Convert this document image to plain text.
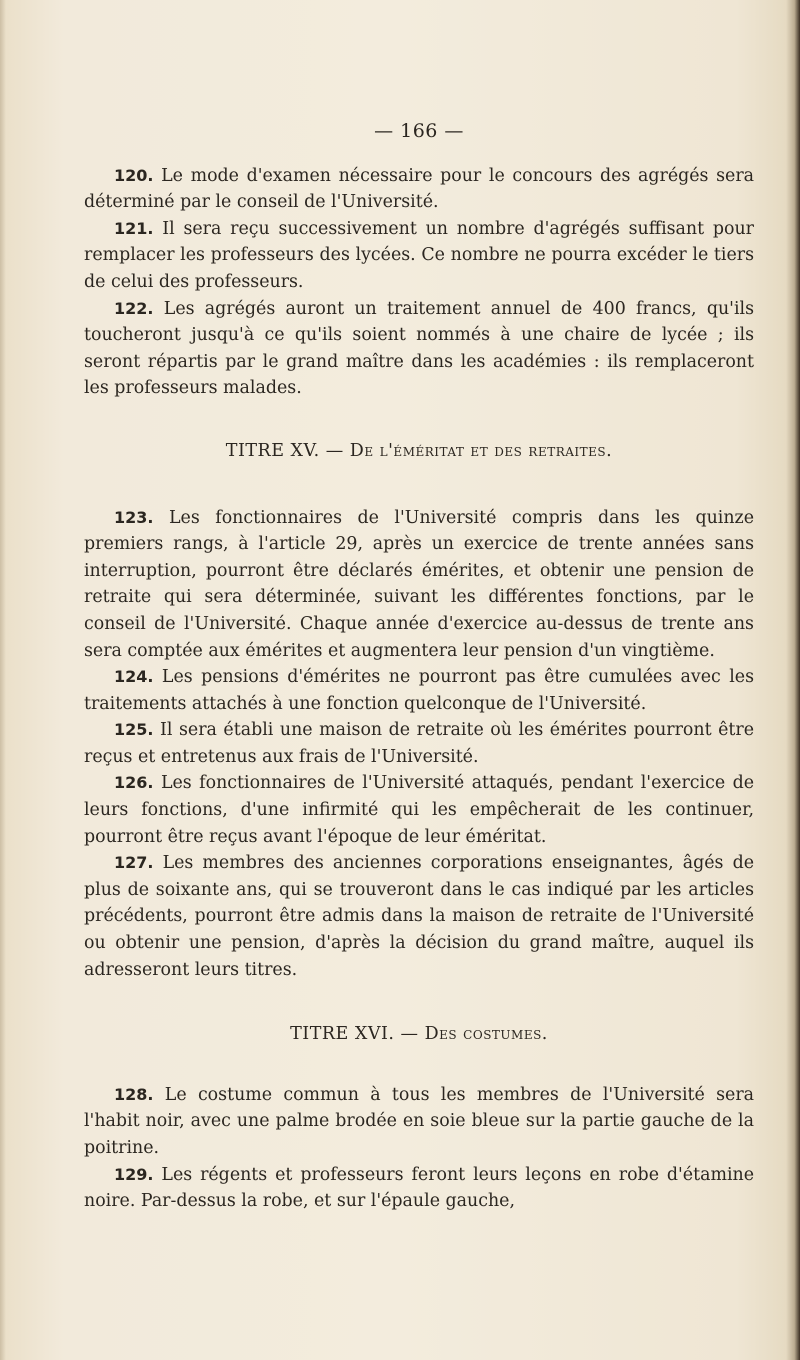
— 166 —

120. Le mode d'examen nécessaire pour le concours des agrégés sera déterminé par le conseil de l'Université.

121. Il sera reçu successivement un nombre d'agrégés suffisant pour remplacer les professeurs des lycées. Ce nombre ne pourra excéder le tiers de celui des professeurs.

122. Les agrégés auront un traitement annuel de 400 francs, qu'ils toucheront jusqu'à ce qu'ils soient nommés à une chaire de lycée ; ils seront répartis par le grand maître dans les académies : ils remplaceront les professeurs malades.

TITRE XV. — De l'éméritat et des retraites.

123. Les fonctionnaires de l'Université compris dans les quinze premiers rangs, à l'article 29, après un exercice de trente années sans interruption, pourront être déclarés émérites, et obtenir une pension de retraite qui sera déterminée, suivant les différentes fonctions, par le conseil de l'Université. Chaque année d'exercice au-dessus de trente ans sera comptée aux émérites et augmentera leur pension d'un vingtième.

124. Les pensions d'émérites ne pourront pas être cumulées avec les traitements attachés à une fonction quelconque de l'Université.

125. Il sera établi une maison de retraite où les émérites pourront être reçus et entretenus aux frais de l'Université.

126. Les fonctionnaires de l'Université attaqués, pendant l'exercice de leurs fonctions, d'une infirmité qui les empêcherait de les continuer, pourront être reçus avant l'époque de leur éméritat.

127. Les membres des anciennes corporations enseignantes, âgés de plus de soixante ans, qui se trouveront dans le cas indiqué par les articles précédents, pourront être admis dans la maison de retraite de l'Université ou obtenir une pension, d'après la décision du grand maître, auquel ils adresseront leurs titres.

TITRE XVI. — Des costumes.

128. Le costume commun à tous les membres de l'Université sera l'habit noir, avec une palme brodée en soie bleue sur la partie gauche de la poitrine.

129. Les régents et professeurs feront leurs leçons en robe d'étamine noire. Par-dessus la robe, et sur l'épaule gauche,
